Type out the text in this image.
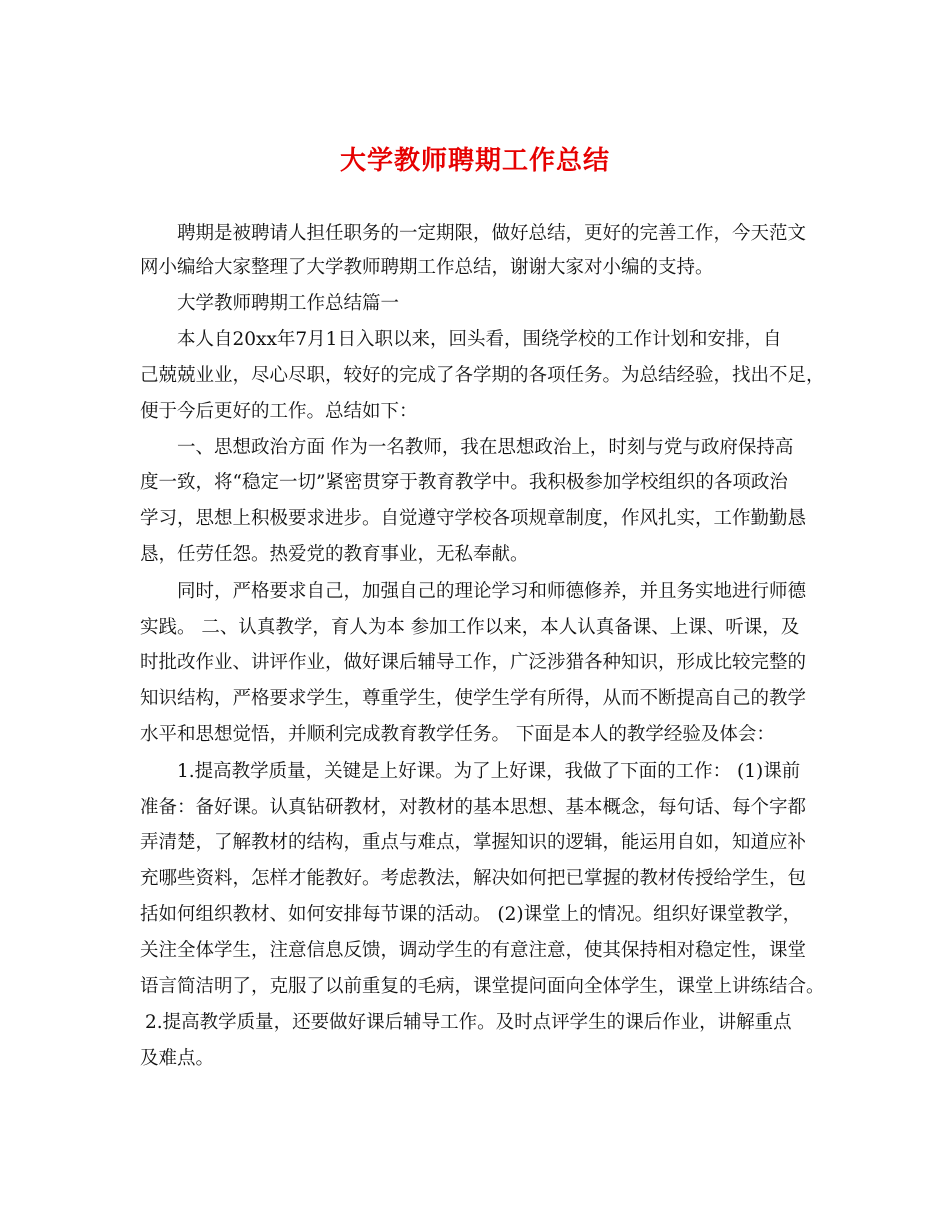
大学教师聘期工作总结

聘期是被聘请人担任职务的一定期限，做好总结，更好的完善工作，今天范文

网小编给大家整理了大学教师聘期工作总结，谢谢大家对小编的支持。

大学教师聘期工作总结篇一

本人自20xx年7月1日入职以来，回头看，围绕学校的工作计划和安排，自

己兢兢业业，尽心尽职，较好的完成了各学期的各项任务。为总结经验，找出不足，

便于今后更好的工作。总结如下：

一、思想政治方面 作为一名教师，我在思想政治上，时刻与党与政府保持高

度一致，将“稳定一切”紧密贯穿于教育教学中。我积极参加学校组织的各项政治

学习，思想上积极要求进步。自觉遵守学校各项规章制度，作风扎实，工作勤勤恳

恳，任劳任怨。热爱党的教育事业，无私奉献。

同时，严格要求自己，加强自己的理论学习和师德修养，并且务实地进行师德

实践。 二、认真教学，育人为本 参加工作以来，本人认真备课、上课、听课，及

时批改作业、讲评作业，做好课后辅导工作，广泛涉猎各种知识，形成比较完整的

知识结构，严格要求学生，尊重学生，使学生学有所得，从而不断提高自己的教学

水平和思想觉悟，并顺利完成教育教学任务。 下面是本人的教学经验及体会：

1.提高教学质量，关键是上好课。为了上好课，我做了下面的工作： (1)课前

准备：备好课。认真钻研教材，对教材的基本思想、基本概念，每句话、每个字都

弄清楚，了解教材的结构，重点与难点，掌握知识的逻辑，能运用自如，知道应补

充哪些资料，怎样才能教好。考虑教法，解决如何把已掌握的教材传授给学生，包

括如何组织教材、如何安排每节课的活动。 (2)课堂上的情况。组织好课堂教学，

关注全体学生，注意信息反馈，调动学生的有意注意，使其保持相对稳定性，课堂

语言简洁明了，克服了以前重复的毛病，课堂提问面向全体学生，课堂上讲练结合。

2.提高教学质量，还要做好课后辅导工作。及时点评学生的课后作业，讲解重点

及难点。
